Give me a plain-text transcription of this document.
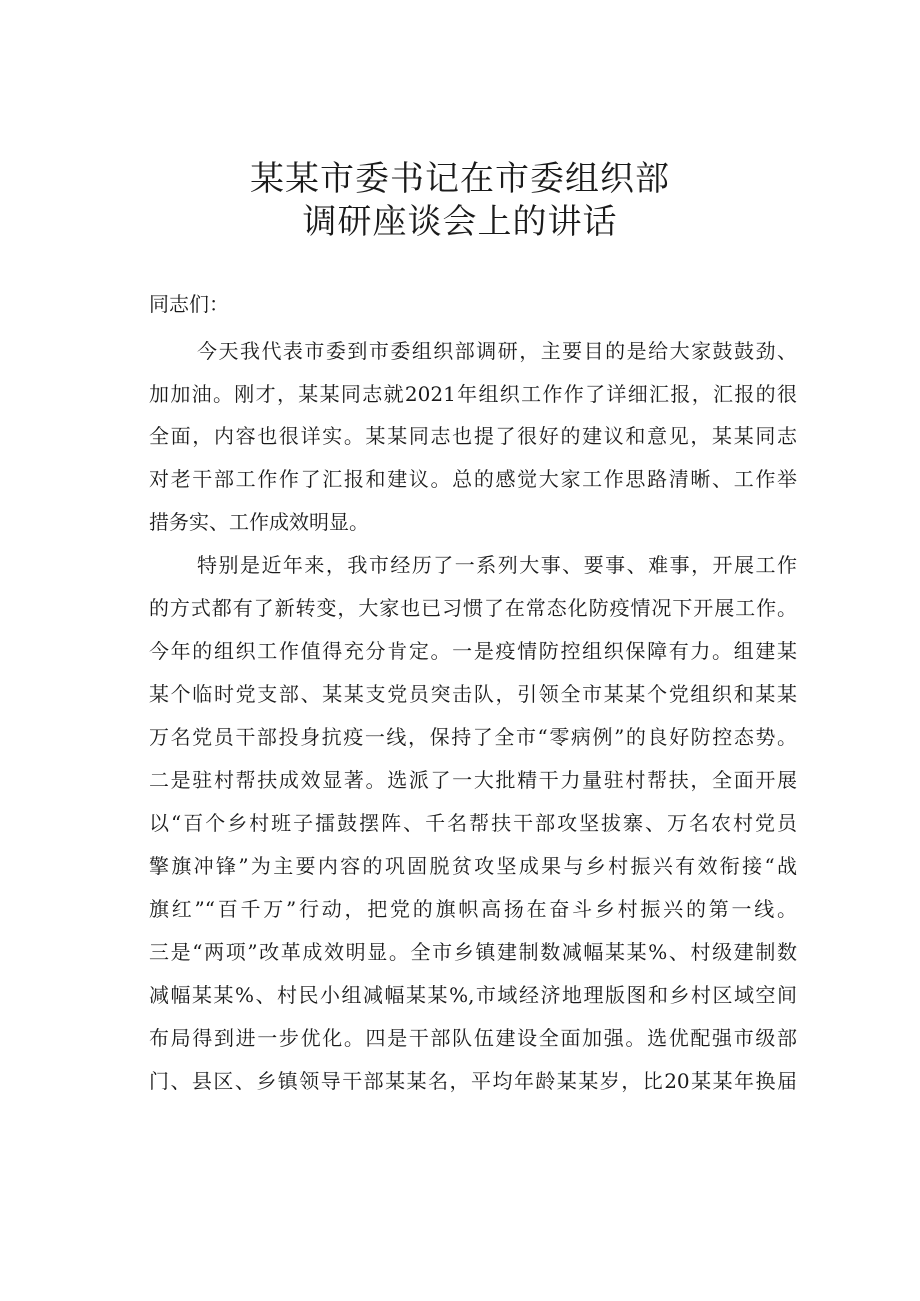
某某市委书记在市委组织部
调研座谈会上的讲话
同志们：
今天我代表市委到市委组织部调研，主要目的是给大家鼓鼓劲、
加加油。刚才，某某同志就2021年组织工作作了详细汇报，汇报的很
全面，内容也很详实。某某同志也提了很好的建议和意见，某某同志
对老干部工作作了汇报和建议。总的感觉大家工作思路清晰、工作举
措务实、工作成效明显。
特别是近年来，我市经历了一系列大事、要事、难事，开展工作
的方式都有了新转变，大家也已习惯了在常态化防疫情况下开展工作。
今年的组织工作值得充分肯定。一是疫情防控组织保障有力。组建某
某个临时党支部、某某支党员突击队，引领全市某某个党组织和某某
万名党员干部投身抗疫一线，保持了全市“零病例”的良好防控态势。
二是驻村帮扶成效显著。选派了一大批精干力量驻村帮扶，全面开展
以“百个乡村班子擂鼓摆阵、千名帮扶干部攻坚拔寨、万名农村党员
擎旗冲锋”为主要内容的巩固脱贫攻坚成果与乡村振兴有效衔接“战
旗红”“百千万”行动，把党的旗帜高扬在奋斗乡村振兴的第一线。
三是“两项”改革成效明显。全市乡镇建制数减幅某某%、村级建制数
减幅某某%、村民小组减幅某某%,市域经济地理版图和乡村区域空间
布局得到进一步优化。四是干部队伍建设全面加强。选优配强市级部
门、县区、乡镇领导干部某某名，平均年龄某某岁，比20某某年换届
